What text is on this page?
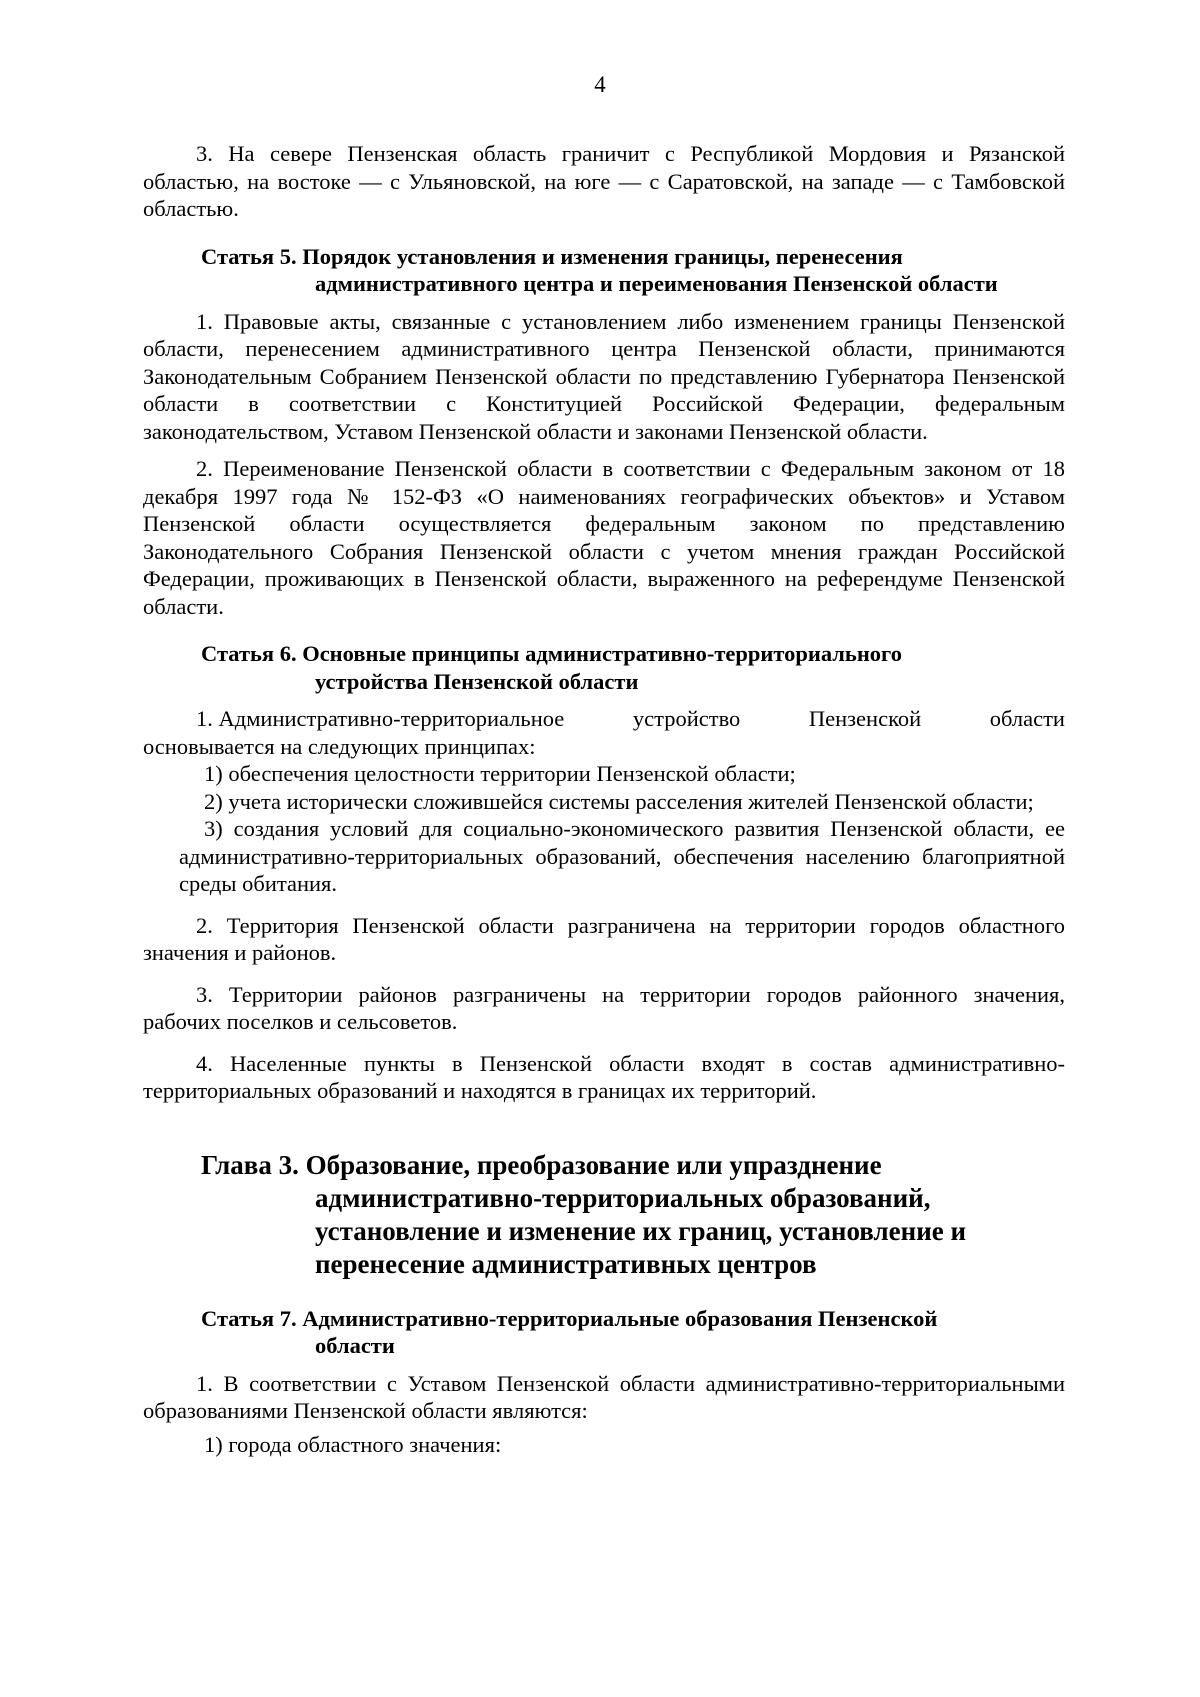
4

3. На севере Пензенская область граничит с Республикой Мордовия и Рязанской областью, на востоке — с Ульяновской, на юге — с Саратовской, на западе — с Тамбовской областью.

Статья 5. Порядок установления и изменения границы, перенесения
административного центра и переименования Пензенской области

1. Правовые акты, связанные с установлением либо изменением границы Пензенской области, перенесением административного центра Пензенской области, принимаются Законодательным Собранием Пензенской области по представлению Губернатора Пензенской области в соответствии с Конституцией Российской Федерации, федеральным законодательством, Уставом Пензенской области и законами Пензенской области.

2. Переименование Пензенской области в соответствии с Федеральным законом от 18 декабря 1997 года № 152-ФЗ «О наименованиях географических объектов» и Уставом Пензенской области осуществляется федеральным законом по представлению Законодательного Собрания Пензенской области с учетом мнения граждан Российской Федерации, проживающих в Пензенской области, выраженного на референдуме Пензенской области.

Статья 6. Основные принципы административно-территориального
устройства Пензенской области
1. Административно-территориальное	устройство	Пензенской	области
основывается на следующих принципах:

1) обеспечения целостности территории Пензенской области;

2) учета исторически сложившейся системы расселения жителей Пензенской области;

3) создания условий для социально-экономического развития Пензенской области, ее административно-территориальных образований, обеспечения населению благоприятной среды обитания.

2. Территория Пензенской области разграничена на территории городов областного значения и районов.

3. Территории районов разграничены на территории городов районного значения, рабочих поселков и сельсоветов.

4. Населенные пункты в Пензенской области входят в состав административно-территориальных образований и находятся в границах их территорий.

Глава 3. Образование, преобразование или упразднение
административно-территориальных образований,
установление и изменение их границ, установление и
перенесение административных центров
Статья 7. Административно-территориальные образования Пензенской
области

1. В соответствии с Уставом Пензенской области административно-территориальными образованиями Пензенской области являются:

1) города областного значения:
